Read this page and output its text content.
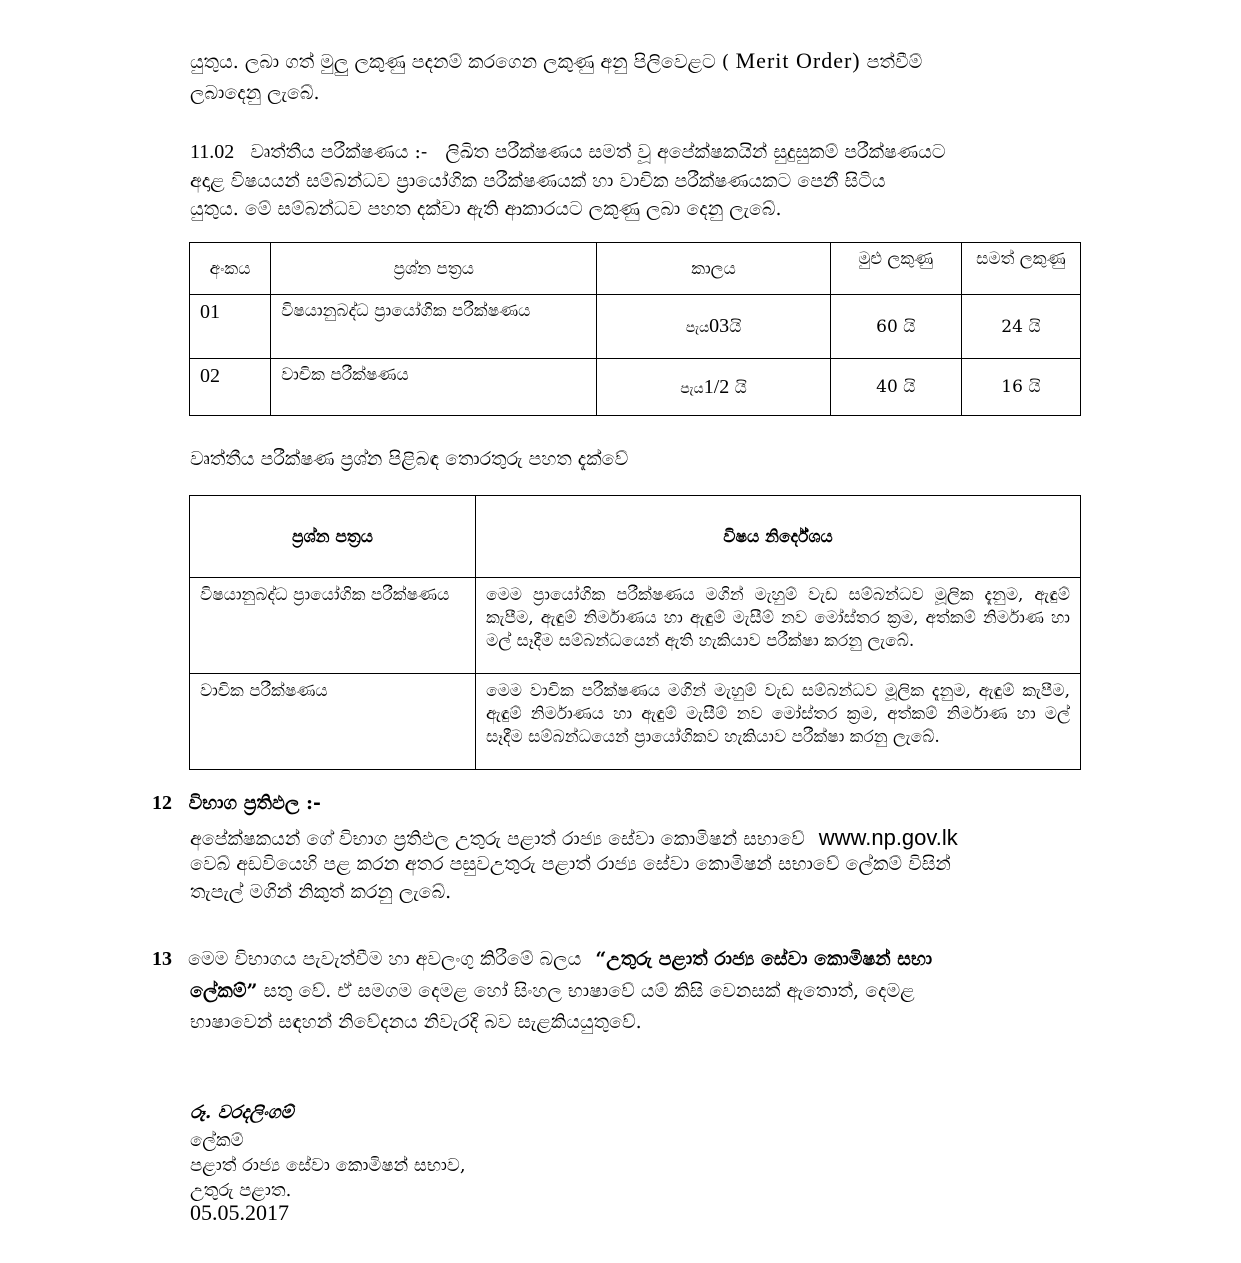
යුතුය. ලබා ගත් මුලු ලකුණු පදනම් කරගෙන ලකුණු අනු පිලිවෙළට ( Merit Order) පත්වීම්
ලබාදෙනු ලැබේ.
11.02 වෘත්තීය පරීක්ෂණය :- ලිඛිත පරීක්ෂණය සමත් වූ අපේක්ෂකයින් සුදුසුකම් පරීක්ෂණයට
අදාළ විෂයයන් සම්බන්ධව ප්‍රායෝගික පරීක්ෂණයක් හා වාචික පරීක්ෂණයකට පෙනී සිටිය
යුතුය. මේ සම්බන්ධව පහත දක්වා ඇති ආකාරයට ලකුණු ලබා දෙනු ලැබේ.
අංකය	ප්‍රශ්න පත්‍රය	කාලය	මුළු ලකුණු	සමත් ලකුණු
01	විෂයානුබද්ධ ප්‍රායෝගික පරීක්ෂණය	පැය03යි	60 යි	24 යි
02	වාචික පරීක්ෂණය	පැය1/2 යි	40 යි	16 යි
වෘත්තීය පරීක්ෂණ ප්‍රශ්න පිළිබඳ තොරතුරු පහත දැක්වේ
ප්‍රශ්න පත්‍රය	විෂය නිර්දේශය
විෂයානුබද්ධ ප්‍රායෝගික පරීක්ෂණය	මෙම ප්‍රායෝගික පරීක්ෂණය මගින් මැහුම් වැඩ සම්බන්ධව මූලික දැනුම, ඇඳුම් කැපීම, ඇඳුම් නිර්මාණය හා ඇඳුම් මැසීම් නව මෝස්තර ක්‍රම, අත්කම් නිර්මාණ හා මල් සෑදීම සම්බන්ධයෙන් ඇති හැකියාව පරීක්ෂා කරනු ලැබේ.
වාචික පරීක්ෂණය	මෙම වාචික පරීක්ෂණය මගින් මැහුම් වැඩ සම්බන්ධව මූලික දැනුම, ඇඳුම් කැපීම, ඇඳුම් නිර්මාණය හා ඇඳුම් මැසීම් නව මෝස්තර ක්‍රම, අත්කම් නිර්මාණ හා මල් සෑදීම සම්බන්ධයෙන් ප්‍රායෝගිකව හැකියාව පරීක්ෂා කරනු ලැබේ.
12 විභාග ප්‍රතිඵල :-
අපේක්ෂකයන් ගේ විභාග ප්‍රතිඵල උතුරු පළාත් රාජ්‍ය සේවා කොමිෂන් සභාවේ www.np.gov.lk
වෙබ් අඩවියෙහි පළ කරන අතර පසුවඋතුරු පළාත් රාජ්‍ය සේවා කොමිෂන් සභාවේ ලේකම් විසින්
තැපැල් මගින් නිකුත් කරනු ලැබේ.
13 මෙම විභාගය පැවැත්වීම හා අවලංගු කිරීමේ බලය “උතුරු පළාත් රාජ්‍ය සේවා කොමිෂන් සභා
ලේකම්” සතු වේ. ඒ සමගම දෙමළ හෝ සිංහල භාෂාවේ යම් කිසි වෙනසක් ඇතොත්, දෙමළ
භාෂාවෙන් සඳහන් නිවේදනය නිවැරදි බව සැළකියයුතුවේ.
රූ. වරදලිංගම්
ලේකම්
පළාත් රාජ්‍ය සේවා කොමිෂන් සභාව,
උතුරු පළාත.
05.05.2017
